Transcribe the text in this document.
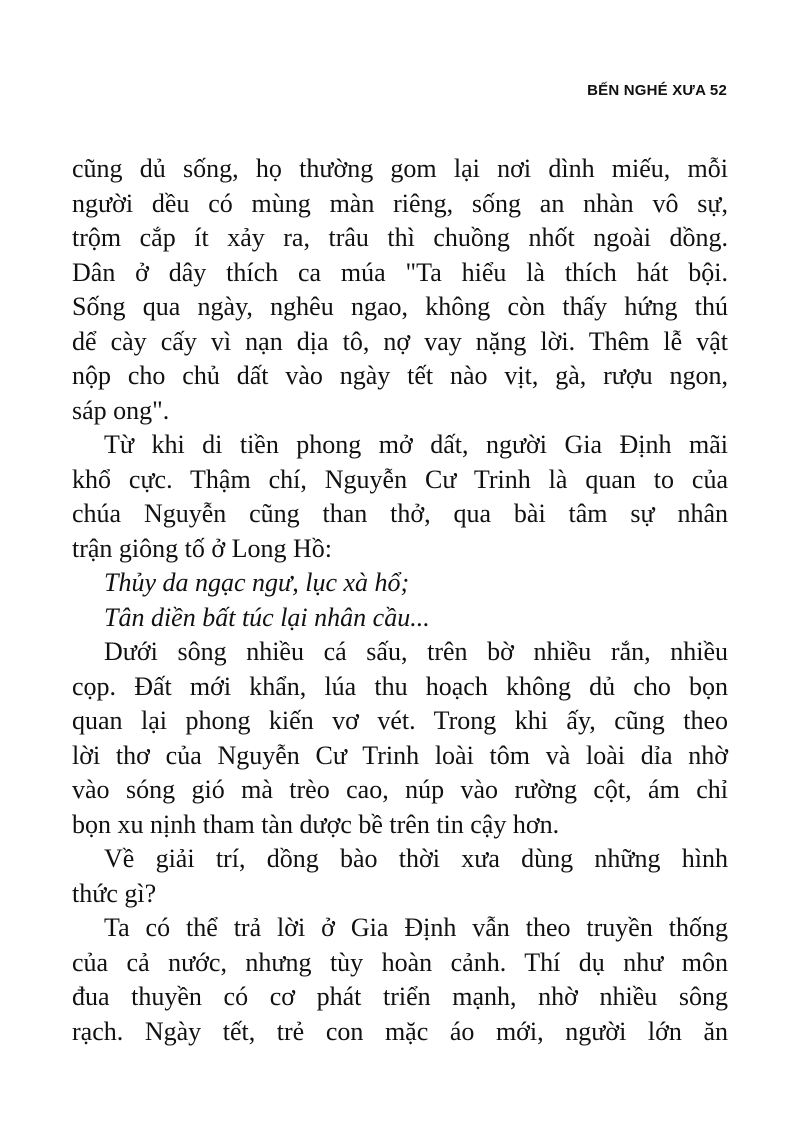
BẾN NGHÉ XƯA 52
cũng dủ sống, họ thường gom lại nơi dình miếu, mỗi
người dều có mùng màn riêng, sống an nhàn vô sự,
trộm cắp ít xảy ra, trâu thì chuồng nhốt ngoài dồng.
Dân ở dây thích ca múa "Ta hiểu là thích hát bội.
Sống qua ngày, nghêu ngao, không còn thấy hứng thú
dể cày cấy vì nạn dịa tô, nợ vay nặng lời. Thêm lễ vật
nộp cho chủ dất vào ngày tết nào vịt, gà, rượu ngon,
sáp ong".
Từ khi di tiền phong mở dất, người Gia Định mãi
khổ cực. Thậm chí, Nguyễn Cư Trinh là quan to của
chúa Nguyễn cũng than thở, qua bài tâm sự nhân
trận giông tố ở Long Hồ:
Thủy da ngạc ngư, lục xà hổ;
Tân diền bất túc lại nhân cầu...
Dưới sông nhiều cá sấu, trên bờ nhiều rắn, nhiều
cọp. Đất mới khẩn, lúa thu hoạch không dủ cho bọn
quan lại phong kiến vơ vét. Trong khi ấy, cũng theo
lời thơ của Nguyễn Cư Trinh loài tôm và loài dỉa nhờ
vào sóng gió mà trèo cao, núp vào rường cột, ám chỉ
bọn xu nịnh tham tàn dược bề trên tin cậy hơn.
Về giải trí, dồng bào thời xưa dùng những hình
thức gì?
Ta có thể trả lời ở Gia Định vẫn theo truyền thống
của cả nước, nhưng tùy hoàn cảnh. Thí dụ như môn
đua thuyền có cơ phát triển mạnh, nhờ nhiều sông
rạch. Ngày tết, trẻ con mặc áo mới, người lớn ăn
